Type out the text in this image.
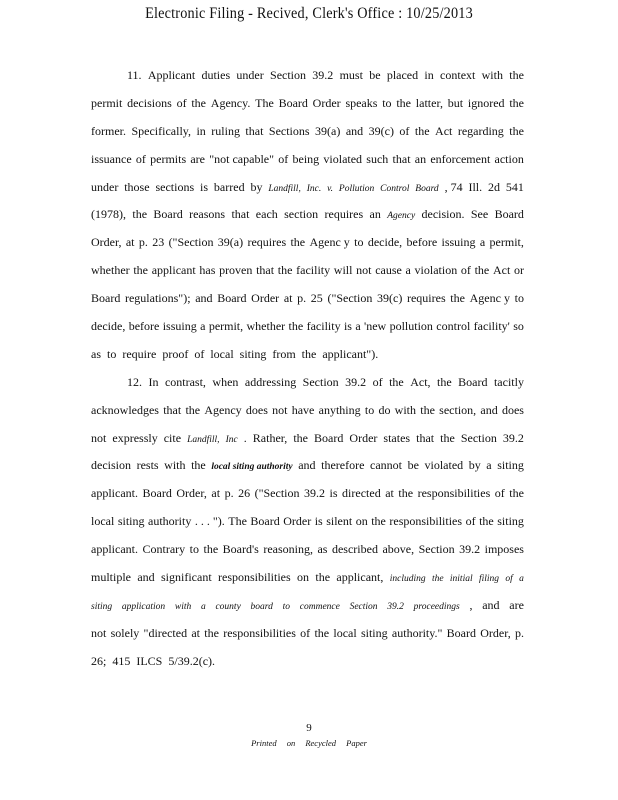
Electronic Filing - Recived, Clerk's Office : 10/25/2013
11. Applicant duties under Section 39.2 must be placed in context with the
permit decisions of the Agency. The Board Order speaks to the latter, but ignored the
former. Specifically, in ruling that Sections 39(a) and 39(c) of the Act regarding the
issuance of permits are "not capable" of being violated such that an enforcement action
under those sections is barred by Landfill, Inc. v. Pollution Control Board , 74 Ill. 2d 541
(1978), the Board reasons that each section requires an Agency decision. See Board
Order, at p. 23 ("Section 39(a) requires the Agenc y to decide, before issuing a permit,
whether the applicant has proven that the facility will not cause a violation of the Act or
Board regulations"); and Board Order at p. 25 ("Section 39(c) requires the Agenc y to
decide, before issuing a permit, whether the facility is a 'new pollution control facility' so
as to require proof of local siting from the applicant").
12. In contrast, when addressing Section 39.2 of the Act, the Board tacitly
acknowledges that the Agency does not have anything to do with the section, and does
not expressly cite Landfill, Inc . Rather, the Board Order states that the Section 39.2
decision rests with the local siting authority and therefore cannot be violated by a siting
applicant. Board Order, at p. 26 ("Section 39.2 is directed at the responsibilities of the
local siting authority . . . "). The Board Order is silent on the responsibilities of the siting
applicant. Contrary to the Board's reasoning, as described above, Section 39.2 imposes
multiple and significant responsibilities on the applicant, including the initial filing of a
siting application with a county board to commence Section 39.2 proceedings , and are
not solely "directed at the responsibilities of the local siting authority." Board Order, p.
26; 415 ILCS 5/39.2(c).
9
Printed on Recycled Paper
